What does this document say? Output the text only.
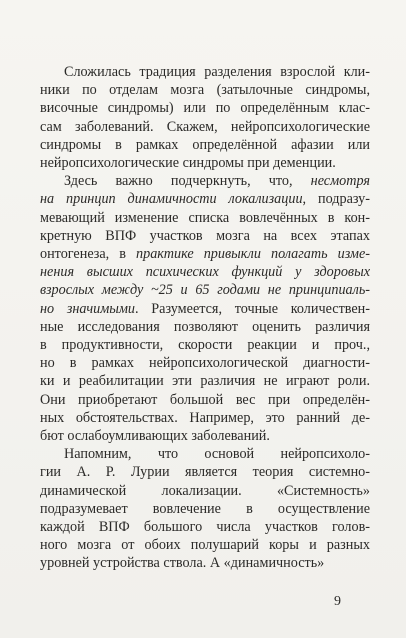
Сложилась традиция разделения взрослой кли-
ники по отделам мозга (затылочные синдромы,
височные синдромы) или по определённым клас-
сам заболеваний. Скажем, нейропсихологические
синдромы в рамках определённой афазии или
нейропсихологические синдромы при деменции.
Здесь важно подчеркнуть, что, несмотря
на принцип динамичности локализации, подразу-
мевающий изменение списка вовлечённых в кон-
кретную ВПФ участков мозга на всех этапах
онтогенеза, в практике привыкли полагать изме-
нения высших психических функций у здоровых
взрослых между ~25 и 65 годами не принципиаль-
но значимыми. Разумеется, точные количествен-
ные исследования позволяют оценить различия
в продуктивности, скорости реакции и проч.,
но в рамках нейропсихологической диагности-
ки и реабилитации эти различия не играют роли.
Они приобретают большой вес при определён-
ных обстоятельствах. Например, это ранний де-
бют ослабоумливающих заболеваний.
Напомним, что основой нейропсихоло-
гии А. Р. Лурии является теория системно-
динамической локализации. «Системность»
подразумевает вовлечение в осуществление
каждой ВПФ большого числа участков голов-
ного мозга от обоих полушарий коры и разных
уровней устройства ствола. А «динамичность»
9
